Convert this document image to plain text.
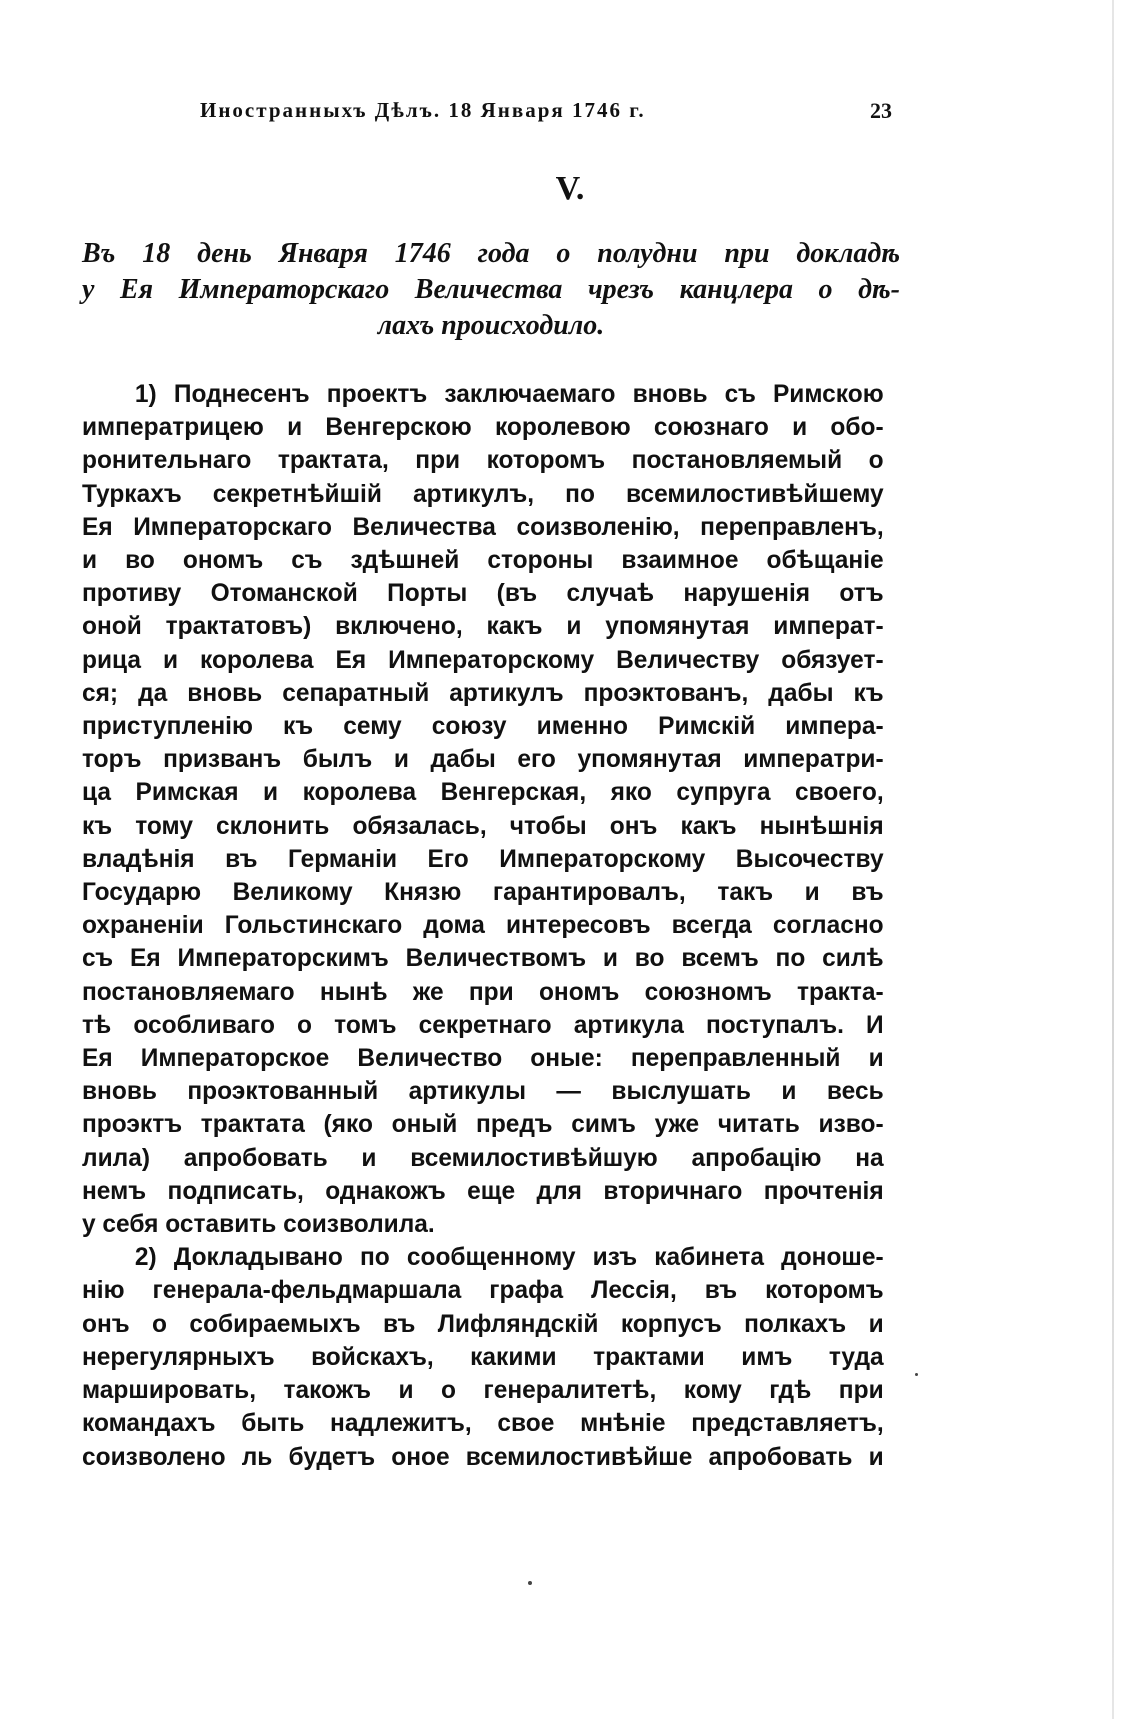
Иностранныхъ Дѣлъ. 18 Января 1746 г.	23
V.
Въ 18 день Января 1746 года о полудни при докладѣ
у Ея Императорскаго Величества чрезъ канцлера о дѣ-
лахъ происходило.
1) Поднесенъ проектъ заключаемаго вновь съ Римскою
императрицею и Венгерскою королевою союзнаго и обо-
ронительнаго трактата, при которомъ постановляемый о
Туркахъ секретнѣйшій артикулъ, по всемилостивѣйшему
Ея Императорскаго Величества соизволенію, переправленъ,
и во ономъ съ здѣшней стороны взаимное обѣщаніе
противу Отоманской Порты (въ случаѣ нарушенія отъ
оной трактатовъ) включено, какъ и упомянутая императ-
рица и королева Ея Императорскому Величеству обязует-
ся; да вновь сепаратный артикулъ проэктованъ, дабы къ
приступленію къ сему союзу именно Римскій импера-
торъ призванъ былъ и дабы его упомянутая императри-
ца Римская и королева Венгерская, яко супруга своего,
къ тому склонить обязалась, чтобы онъ какъ нынѣшнія
владѣнія въ Германіи Его Императорскому Высочеству
Государю Великому Князю гарантировалъ, такъ и въ
охраненіи Гольстинскаго дома интересовъ всегда согласно
съ Ея Императорскимъ Величествомъ и во всемъ по силѣ
постановляемаго нынѣ же при ономъ союзномъ тракта-
тѣ особливаго о томъ секретнаго артикула поступалъ. И
Ея Императорское Величество оные: переправленный и
вновь проэктованный артикулы — выслушать и весь
проэктъ трактата (яко оный предъ симъ уже читать изво-
лила) апробовать и всемилостивѣйшую апробацію на
немъ подписать, однакожъ еще для вторичнаго прочтенія
у себя оставить соизволила.
2) Докладывано по сообщенному изъ кабинета доноше-
нію генерала-фельдмаршала графа Лессія, въ которомъ
онъ о собираемыхъ въ Лифляндскій корпусъ полкахъ и
нерегулярныхъ войскахъ, какими трактами имъ туда
маршировать, такожъ и о генералитетѣ, кому гдѣ при
командахъ быть надлежитъ, свое мнѣніе представляетъ,
соизволено ль будетъ оное всемилостивѣйше апробовать и
